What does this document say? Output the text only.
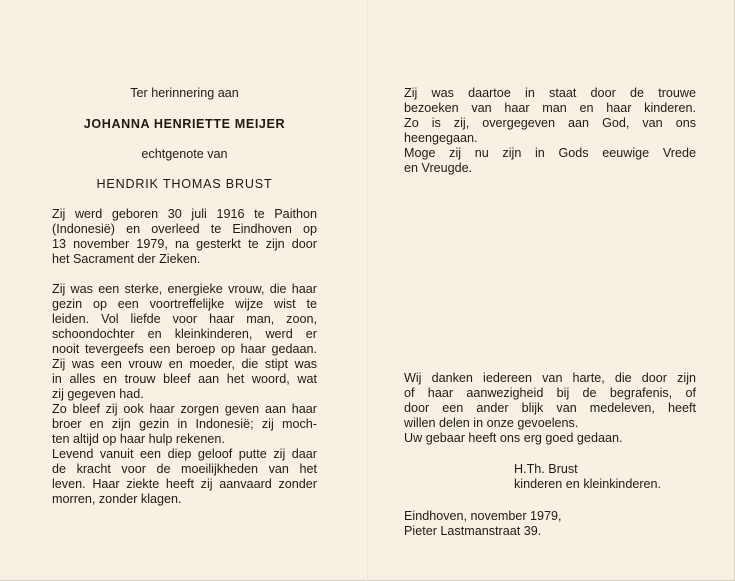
Ter herinnering aan
JOHANNA HENRIETTE MEIJER
echtgenote van
HENDRIK THOMAS BRUST
Zij werd geboren 30 juli 1916 te Paithon
(Indonesië) en overleed te Eindhoven op
13 november 1979, na gesterkt te zijn door
het Sacrament der Zieken.
Zij was een sterke, energieke vrouw, die haar
gezin op een voortreffelijke wijze wist te
leiden. Vol liefde voor haar man, zoon,
schoondochter en kleinkinderen, werd er
nooit tevergeefs een beroep op haar gedaan.
Zij was een vrouw en moeder, die stipt was
in alles en trouw bleef aan het woord, wat
zij gegeven had.
Zo bleef zij ook haar zorgen geven aan haar
broer en zijn gezin in Indonesië; zij moch-
ten altijd op haar hulp rekenen.
Levend vanuit een diep geloof putte zij daar
de kracht voor de moeilijkheden van het
leven. Haar ziekte heeft zij aanvaard zonder
morren, zonder klagen.
Zij was daartoe in staat door de trouwe
bezoeken van haar man en haar kinderen.
Zo is zij, overgegeven aan God, van ons
heengegaan.
Moge zij nu zijn in Gods eeuwige Vrede
en Vreugde.
Wij danken iedereen van harte, die door zijn
of haar aanwezigheid bij de begrafenis, of
door een ander blijk van medeleven, heeft
willen delen in onze gevoelens.
Uw gebaar heeft ons erg goed gedaan.
H.Th. Brust
kinderen en kleinkinderen.
Eindhoven, november 1979,
Pieter Lastmanstraat 39.
